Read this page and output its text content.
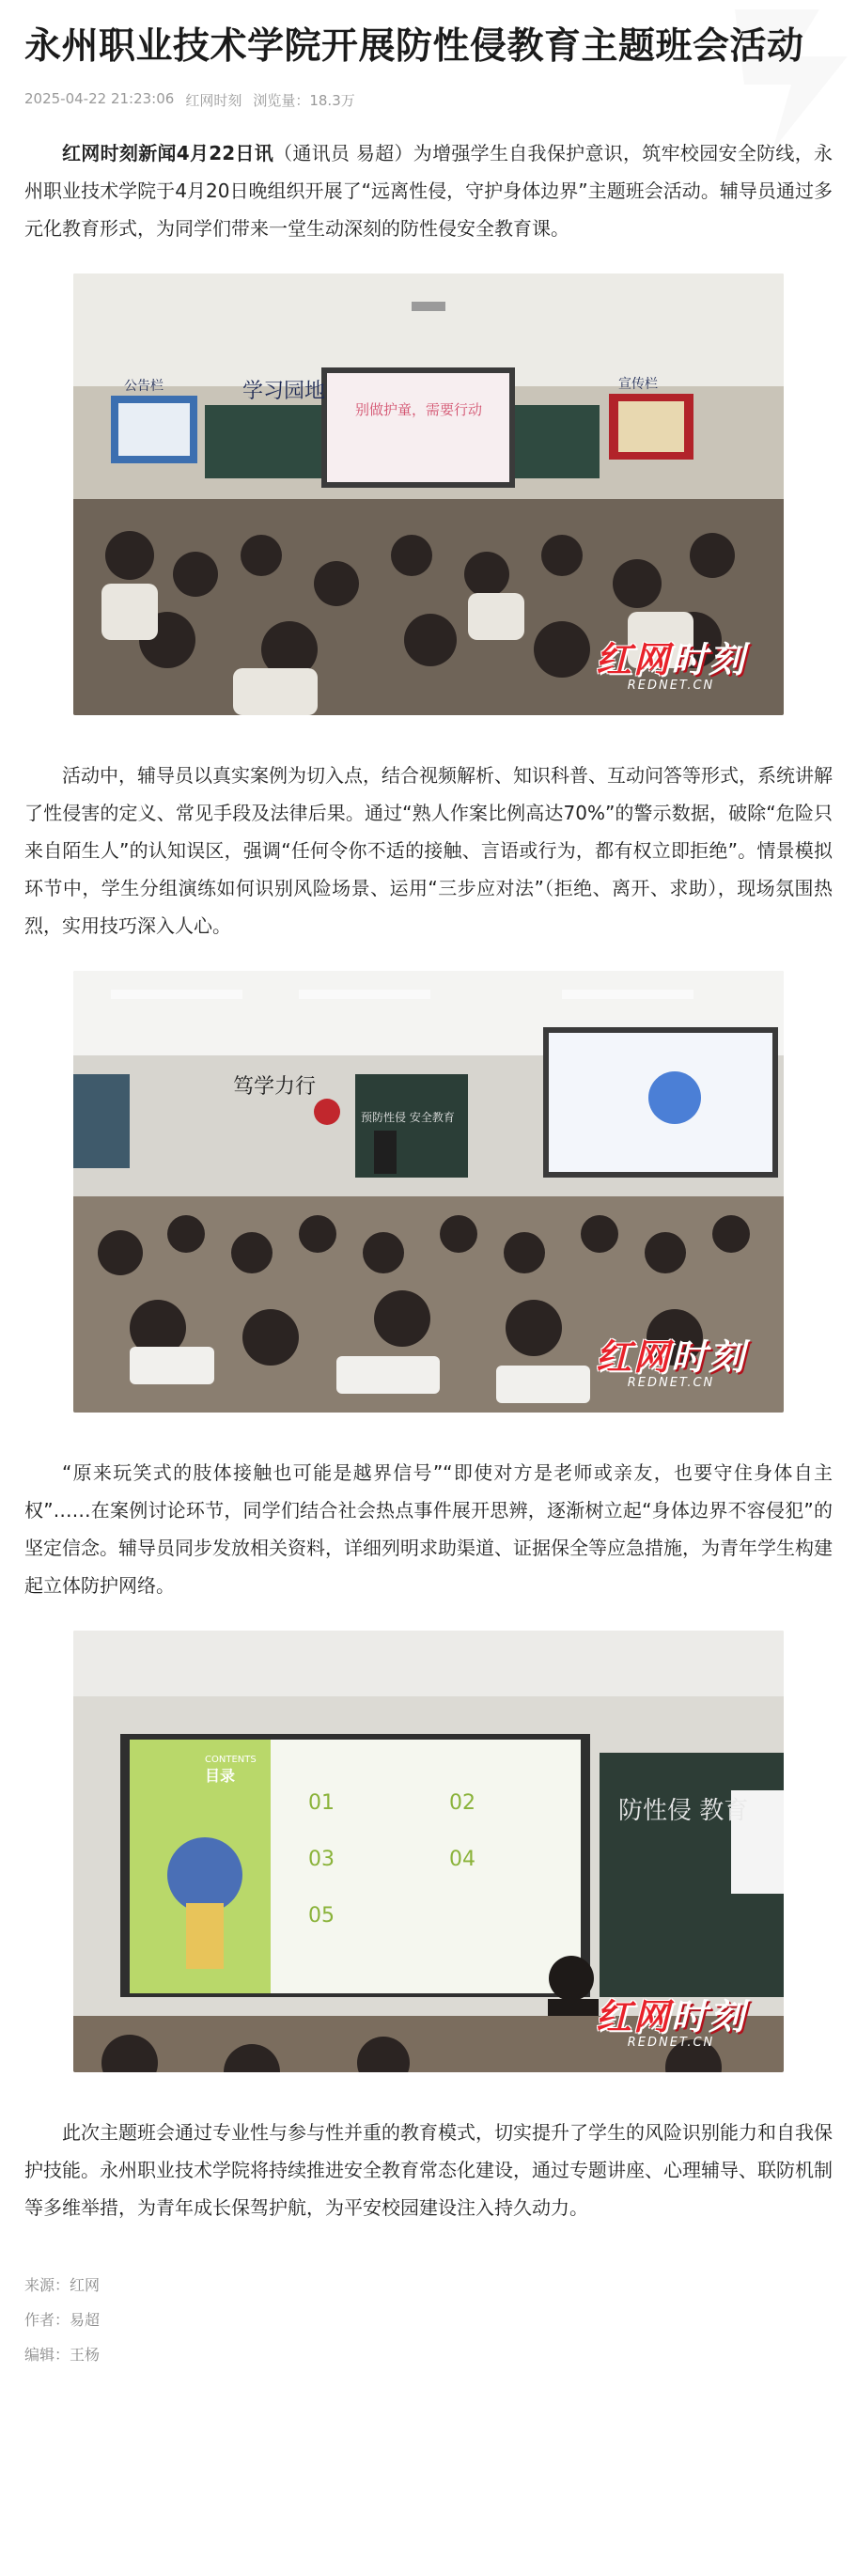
永州职业技术学院开展防性侵教育主题班会活动
2025-04-22 21:23:06 红网时刻 浏览量：18.3万

红网时刻新闻4月22日讯（通讯员 易超）为增强学生自我保护意识，筑牢校园安全防线，永州职业技术学院于4月20日晚组织开展了“远离性侵，守护身体边界”主题班会活动。辅导员通过多元化教育形式，为同学们带来一堂生动深刻的防性侵安全教育课。

公告栏	学习园地	宣传栏
别做护童，需要行动
红网时刻
REDNET.CN

活动中，辅导员以真实案例为切入点，结合视频解析、知识科普、互动问答等形式，系统讲解了性侵害的定义、常见手段及法律后果。通过“熟人作案比例高达70%”的警示数据，破除“危险只来自陌生人”的认知误区，强调“任何令你不适的接触、言语或行为，都有权立即拒绝”。情景模拟环节中，学生分组演练如何识别风险场景、运用“三步应对法”（拒绝、离开、求助），现场氛围热烈，实用技巧深入人心。

笃学力行
预防性侵 安全教育
红网时刻
REDNET.CN

“原来玩笑式的肢体接触也可能是越界信号”“即使对方是老师或亲友，也要守住身体自主权”……在案例讨论环节，同学们结合社会热点事件展开思辨，逐渐树立起“身体边界不容侵犯”的坚定信念。辅导员同步发放相关资料，详细列明求助渠道、证据保全等应急措施，为青年学生构建起立体防护网络。

CONTENTS
目录
01	02
03	04
05
防性侵 教育
红网时刻
REDNET.CN

此次主题班会通过专业性与参与性并重的教育模式，切实提升了学生的风险识别能力和自我保护技能。永州职业技术学院将持续推进安全教育常态化建设，通过专题讲座、心理辅导、联防机制等多维举措，为青年成长保驾护航，为平安校园建设注入持久动力。

来源：红网
作者：易超
编辑：王杨
